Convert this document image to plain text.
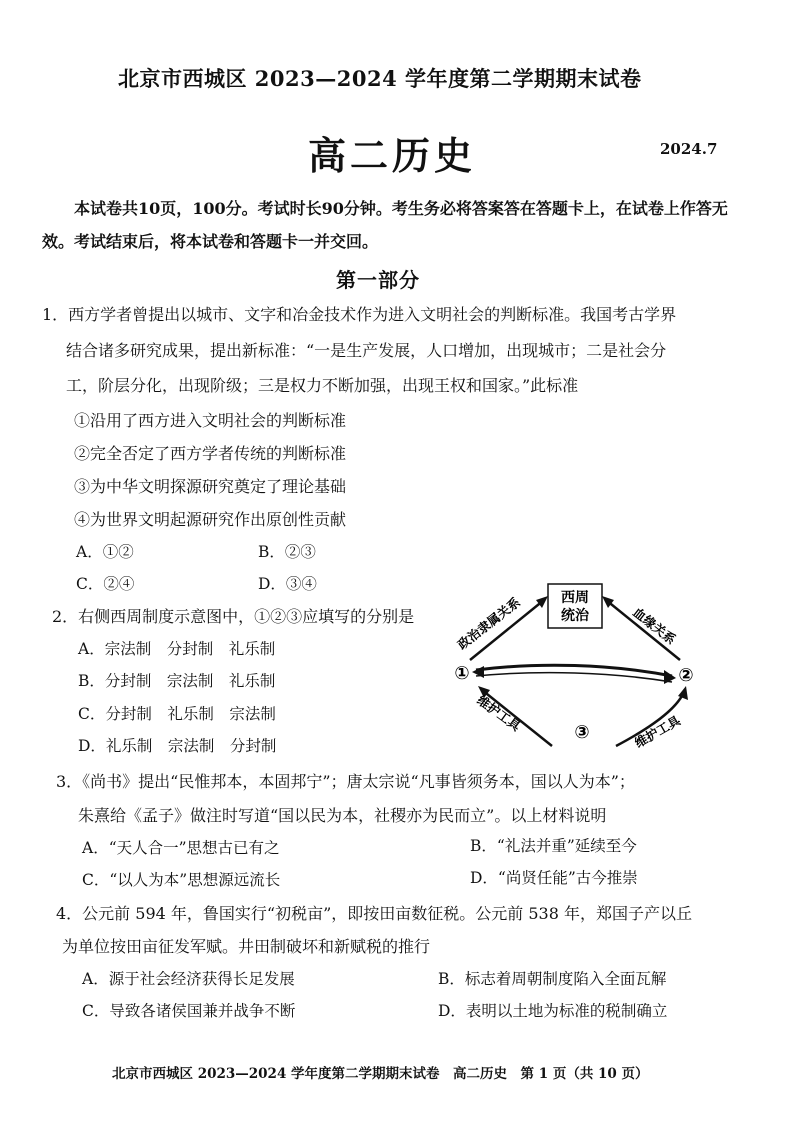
北京市西城区 2023—2024 学年度第二学期期末试卷
高二历史	2024.7
本试卷共10页，100分。考试时长90分钟。考生务必将答案答在答题卡上，在试卷上作答无效。考试结束后，将本试卷和答题卡一并交回。
第一部分
1．西方学者曾提出以城市、文字和冶金技术作为进入文明社会的判断标准。我国考古学界
结合诸多研究成果，提出新标准：“一是生产发展，人口增加，出现城市；二是社会分
工，阶层分化，出现阶级；三是权力不断加强，出现王权和国家。”此标准
①沿用了西方进入文明社会的判断标准
②完全否定了西方学者传统的判断标准
③为中华文明探源研究奠定了理论基础
④为世界文明起源研究作出原创性贡献
A．①②	B．②③
C．②④	D．③④
2．右侧西周制度示意图中，①②③应填写的分别是
A．宗法制　分封制　礼乐制
B．分封制　宗法制　礼乐制
C．分封制　礼乐制　宗法制
D．礼乐制　宗法制　分封制
西周
统治
政治隶属关系	血缘关系
①	②
维护工具	维护工具
③
3．《尚书》提出“民惟邦本，本固邦宁”；唐太宗说“凡事皆须务本，国以人为本”；
朱熹给《孟子》做注时写道“国以民为本，社稷亦为民而立”。以上材料说明
A．“天人合一”思想古已有之	B．“礼法并重”延续至今
C．“以人为本”思想源远流长	D．“尚贤任能”古今推崇
4．公元前 594 年，鲁国实行“初税亩”，即按田亩数征税。公元前 538 年，郑国子产以丘
为单位按田亩征发军赋。井田制破坏和新赋税的推行
A．源于社会经济获得长足发展	B．标志着周朝制度陷入全面瓦解
C．导致各诸侯国兼并战争不断	D．表明以土地为标准的税制确立
北京市西城区 2023—2024 学年度第二学期期末试卷　高二历史　第 1 页（共 10 页）
